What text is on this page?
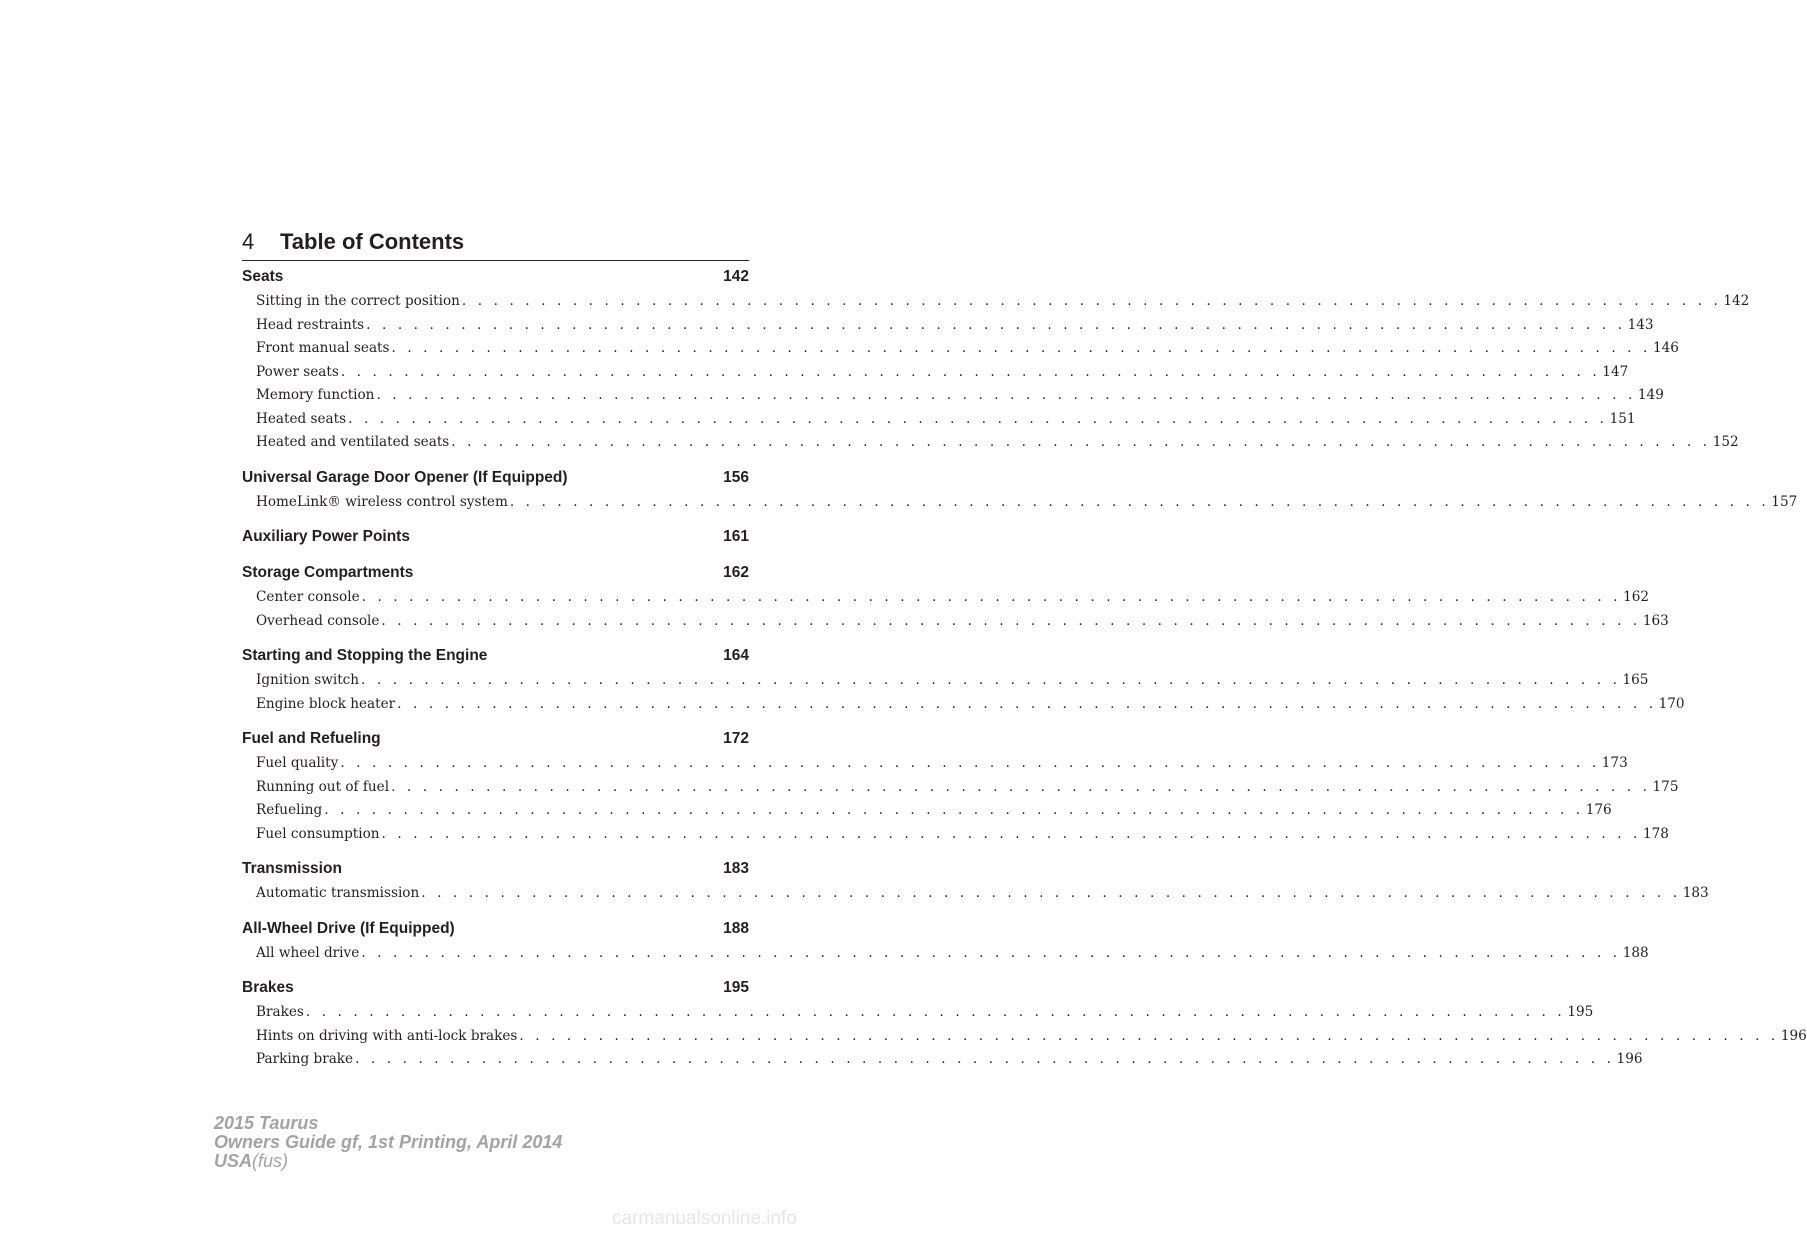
4 Table of Contents
Seats	142
Sitting in the correct position . . . . . . . . . . . . . . . . . . . . . . . . . . . . . . . . . . . . . . . . . . . . . . . . . . . . . . . . . . . . . . . . . . . . . . . . . . . . . . . . 142
Head restraints . . . . . . . . . . . . . . . . . . . . . . . . . . . . . . . . . . . . . . . . . . . . . . . . . . . . . . . . . . . . . . . . . . . . . . . . . . . . . . . . 143
Front manual seats . . . . . . . . . . . . . . . . . . . . . . . . . . . . . . . . . . . . . . . . . . . . . . . . . . . . . . . . . . . . . . . . . . . . . . . . . . . . . . . . 146
Power seats . . . . . . . . . . . . . . . . . . . . . . . . . . . . . . . . . . . . . . . . . . . . . . . . . . . . . . . . . . . . . . . . . . . . . . . . . . . . . . . . 147
Memory function . . . . . . . . . . . . . . . . . . . . . . . . . . . . . . . . . . . . . . . . . . . . . . . . . . . . . . . . . . . . . . . . . . . . . . . . . . . . . . . . 149
Heated seats . . . . . . . . . . . . . . . . . . . . . . . . . . . . . . . . . . . . . . . . . . . . . . . . . . . . . . . . . . . . . . . . . . . . . . . . . . . . . . . . 151
Heated and ventilated seats . . . . . . . . . . . . . . . . . . . . . . . . . . . . . . . . . . . . . . . . . . . . . . . . . . . . . . . . . . . . . . . . . . . . . . . . . . . . . . . . 152
Universal Garage Door Opener (If Equipped)	156
HomeLink® wireless control system . . . . . . . . . . . . . . . . . . . . . . . . . . . . . . . . . . . . . . . . . . . . . . . . . . . . . . . . . . . . . . . . . . . . . . . . . . . . . . . . 157
Auxiliary Power Points	161
Storage Compartments	162
Center console . . . . . . . . . . . . . . . . . . . . . . . . . . . . . . . . . . . . . . . . . . . . . . . . . . . . . . . . . . . . . . . . . . . . . . . . . . . . . . . . 162
Overhead console . . . . . . . . . . . . . . . . . . . . . . . . . . . . . . . . . . . . . . . . . . . . . . . . . . . . . . . . . . . . . . . . . . . . . . . . . . . . . . . . 163
Starting and Stopping the Engine	164
Ignition switch . . . . . . . . . . . . . . . . . . . . . . . . . . . . . . . . . . . . . . . . . . . . . . . . . . . . . . . . . . . . . . . . . . . . . . . . . . . . . . . . 165
Engine block heater . . . . . . . . . . . . . . . . . . . . . . . . . . . . . . . . . . . . . . . . . . . . . . . . . . . . . . . . . . . . . . . . . . . . . . . . . . . . . . . . 170
Fuel and Refueling	172
Fuel quality . . . . . . . . . . . . . . . . . . . . . . . . . . . . . . . . . . . . . . . . . . . . . . . . . . . . . . . . . . . . . . . . . . . . . . . . . . . . . . . . 173
Running out of fuel . . . . . . . . . . . . . . . . . . . . . . . . . . . . . . . . . . . . . . . . . . . . . . . . . . . . . . . . . . . . . . . . . . . . . . . . . . . . . . . . 175
Refueling . . . . . . . . . . . . . . . . . . . . . . . . . . . . . . . . . . . . . . . . . . . . . . . . . . . . . . . . . . . . . . . . . . . . . . . . . . . . . . . . 176
Fuel consumption . . . . . . . . . . . . . . . . . . . . . . . . . . . . . . . . . . . . . . . . . . . . . . . . . . . . . . . . . . . . . . . . . . . . . . . . . . . . . . . . 178
Transmission	183
Automatic transmission . . . . . . . . . . . . . . . . . . . . . . . . . . . . . . . . . . . . . . . . . . . . . . . . . . . . . . . . . . . . . . . . . . . . . . . . . . . . . . . . 183
All-Wheel Drive (If Equipped)	188
All wheel drive . . . . . . . . . . . . . . . . . . . . . . . . . . . . . . . . . . . . . . . . . . . . . . . . . . . . . . . . . . . . . . . . . . . . . . . . . . . . . . . . 188
Brakes	195
Brakes . . . . . . . . . . . . . . . . . . . . . . . . . . . . . . . . . . . . . . . . . . . . . . . . . . . . . . . . . . . . . . . . . . . . . . . . . . . . . . . . 195
Hints on driving with anti-lock brakes . . . . . . . . . . . . . . . . . . . . . . . . . . . . . . . . . . . . . . . . . . . . . . . . . . . . . . . . . . . . . . . . . . . . . . . . . . . . . . . . 196
Parking brake . . . . . . . . . . . . . . . . . . . . . . . . . . . . . . . . . . . . . . . . . . . . . . . . . . . . . . . . . . . . . . . . . . . . . . . . . . . . . . . . 196
2015 Taurus
Owners Guide gf, 1st Printing, April 2014
USA(fus)
carmanualsonline.info
